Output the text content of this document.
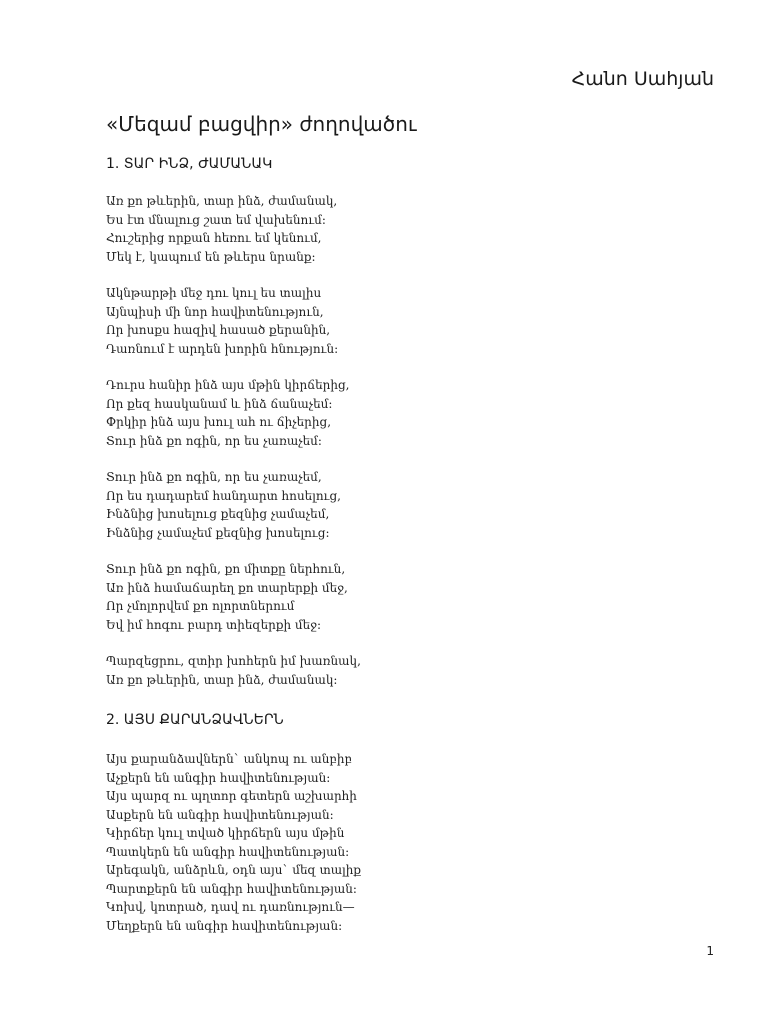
Հանո Սահյան
«Մեզամ բացվիր» ժողովածու
1. ՏԱՐ ԻՆՁ, ԺԱՄԱՆԱԿ
Առ քո թևերին, տար ինձ, ժամանակ,
Ես էտ մնալուց շատ եմ վախենում:
Հուշերից որքան հեռու եմ կենում,
Մեկ է, կապում են թևերս նրանք:
Ակնթարթի մեջ դու կուլ ես տալիս
Այնպիսի մի նոր հավիտենություն,
Որ խոսքս հազիվ հասած քերանին,
Դառնում է արդեն խորին հնություն:
Դուրս հանիր ինձ այս մթին կիրճերից,
Որ քեզ հասկանամ և ինձ ճանաչեմ:
Փրկիր ինձ այս խուլ ահ ու ճիչերից,
Տուր ինձ քո ոգին, որ ես չառաչեմ:
Տուր ինձ քո ոգին, որ ես չառաչեմ,
Որ ես դադարեմ հանդարտ հոսելուց,
Ինձնից խոսելուց քեզնից չամաչեմ,
Ինձնից չամաչեմ քեզնից խոսելուց:
Տուր ինձ քո ոգին, քո միտքը ներհուն,
Առ ինձ համաճարեղ քո տարերքի մեջ,
Որ չմոլորվեմ քո ոլորտներում
Եվ իմ հոգու բարդ տիեզերքի մեջ:
Պարզեցրու, զտիր խոհերն իմ խառնակ,
Առ քո թևերին, տար ինձ, ժամանակ:
2. ԱՅՍ ՔԱՐԱՆՁԱՎՆԵՐՆ
Այս քարանձավներն` անկոպ ու անբիբ
Աչքերն են անգիր հավիտենության:
Այս պարզ ու պղտոր գետերն աշխարհի
Ասքերն են անգիր հավիտենության:
Կիրճեր կուլ տված կիրճերն այս մթին
Պատկերն են անգիր հավիտենության:
Արեգակն, անձրևն, օդն այս` մեզ տալիք
Պարտքերն են անգիր հավիտենության:
Կոխվ, կոտրած, դավ ու դառնություն—
Մեղքերն են անգիր հավիտենության:
1
